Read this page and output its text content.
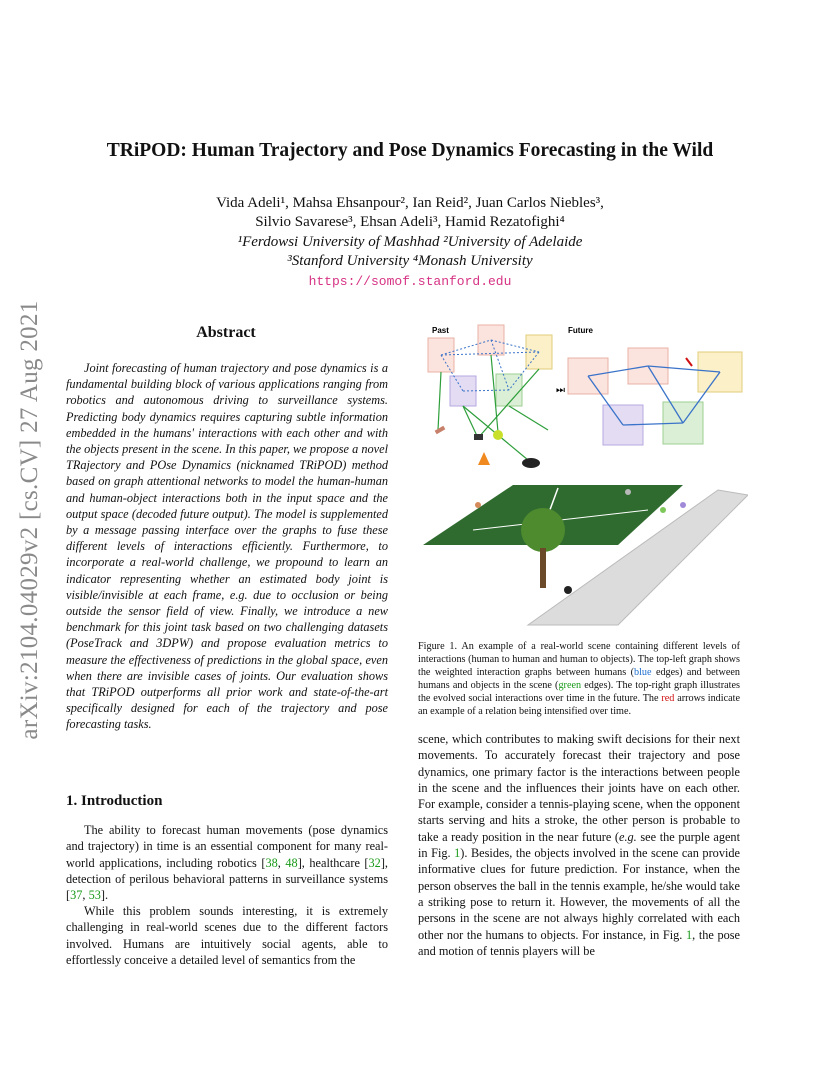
arXiv:2104.04029v2 [cs.CV] 27 Aug 2021
TRiPOD: Human Trajectory and Pose Dynamics Forecasting in the Wild
Vida Adeli¹, Mahsa Ehsanpour², Ian Reid², Juan Carlos Niebles³,
Silvio Savarese³, Ehsan Adeli³, Hamid Rezatofighi⁴
¹Ferdowsi University of Mashhad ²University of Adelaide
³Stanford University ⁴Monash University
https://somof.stanford.edu
Abstract
Joint forecasting of human trajectory and pose dynamics is a fundamental building block of various applications ranging from robotics and autonomous driving to surveillance systems. Predicting body dynamics requires capturing subtle information embedded in the humans' interactions with each other and with the objects present in the scene. In this paper, we propose a novel TRajectory and POse Dynamics (nicknamed TRiPOD) method based on graph attentional networks to model the human-human and human-object interactions both in the input space and the output space (decoded future output). The model is supplemented by a message passing interface over the graphs to fuse these different levels of interactions efficiently. Furthermore, to incorporate a real-world challenge, we propound to learn an indicator representing whether an estimated body joint is visible/invisible at each frame, e.g. due to occlusion or being outside the sensor field of view. Finally, we introduce a new benchmark for this joint task based on two challenging datasets (PoseTrack and 3DPW) and propose evaluation metrics to measure the effectiveness of predictions in the global space, even when there are invisible cases of joints. Our evaluation shows that TRiPOD outperforms all prior work and state-of-the-art specifically designed for each of the trajectory and pose forecasting tasks.
1. Introduction
The ability to forecast human movements (pose dynamics and trajectory) in time is an essential component for many real-world applications, including robotics [38, 48], healthcare [32], detection of perilous behavioral patterns in surveillance systems [37, 53].
While this problem sounds interesting, it is extremely challenging in real-world scenes due to the different factors involved. Humans are intuitively social agents, able to effortlessly conceive a detailed level of semantics from the
scene, which contributes to making swift decisions for their next movements. To accurately forecast their trajectory and pose dynamics, one primary factor is the interactions between people in the scene and the influences their joints have on each other. For example, consider a tennis-playing scene, when the opponent starts serving and hits a stroke, the other person is probable to take a ready position in the near future (e.g. see the purple agent in Fig. 1). Besides, the objects involved in the scene can provide informative clues for future prediction. For instance, when the person observes the ball in the tennis example, he/she would take a striking pose to return it. However, the movements of all the persons in the scene are not always highly correlated with each other nor the humans to objects. For instance, in Fig. 1, the pose and motion of tennis players will be
Past	Future
⏭
Figure 1. An example of a real-world scene containing different levels of interactions (human to human and human to objects). The top-left graph shows the weighted interaction graphs between humans (blue edges) and between humans and objects in the scene (green edges). The top-right graph illustrates the evolved social interactions over time in the future. The red arrows indicate an example of a relation being intensified over time.
